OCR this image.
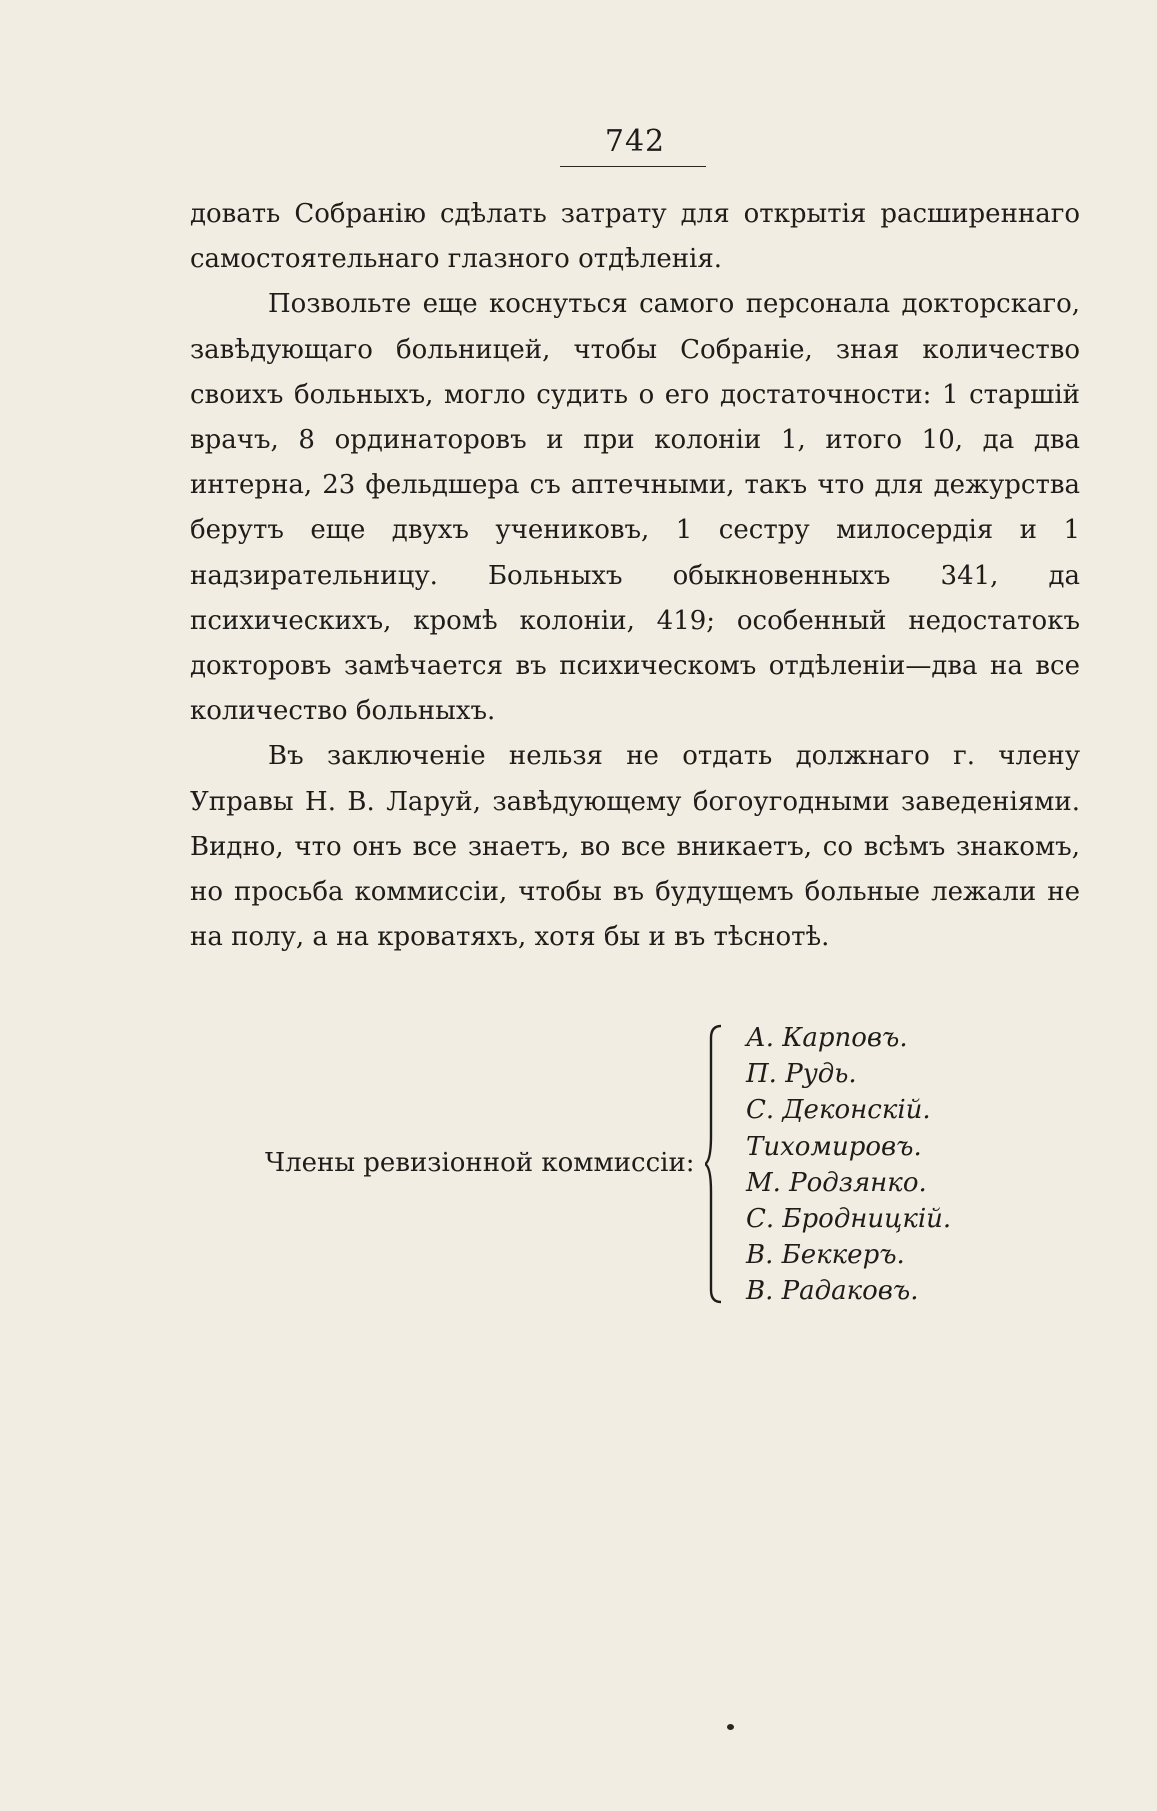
742

довать Собранію сдѣлать затрату для открытія расширеннаго самостоятельнаго глазного отдѣленія.

Позвольте еще коснуться самого персонала докторскаго, завѣдующаго больницей, чтобы Собраніе, зная количество своихъ больныхъ, могло судить о его достаточности: 1 старшій врачъ, 8 ординаторовъ и при колоніи 1, итого 10, да два интерна, 23 фельдшера съ аптечными, такъ что для дежурства берутъ еще двухъ учениковъ, 1 сестру милосердія и 1 надзирательницу. Больныхъ обыкновенныхъ 341, да психическихъ, кромѣ колоніи, 419; особенный недостатокъ докторовъ замѣчается въ психическомъ отдѣленіи—два на все количество больныхъ.

Въ заключеніе нельзя не отдать должнаго г. члену Управы Н. В. Ларуй, завѣдующему богоугодными заведеніями. Видно, что онъ все знаетъ, во все вникаетъ, со всѣмъ знакомъ, но просьба коммиссіи, чтобы въ будущемъ больные лежали не на полу, а на кроватяхъ, хотя бы и въ тѣснотѣ.

Члены ревизіонной коммиссіи:
А. Карповъ.
П. Рудь.
С. Деконскій.
Тихомировъ.
М. Родзянко.
С. Бродницкій.
В. Беккеръ.
В. Радаковъ.
